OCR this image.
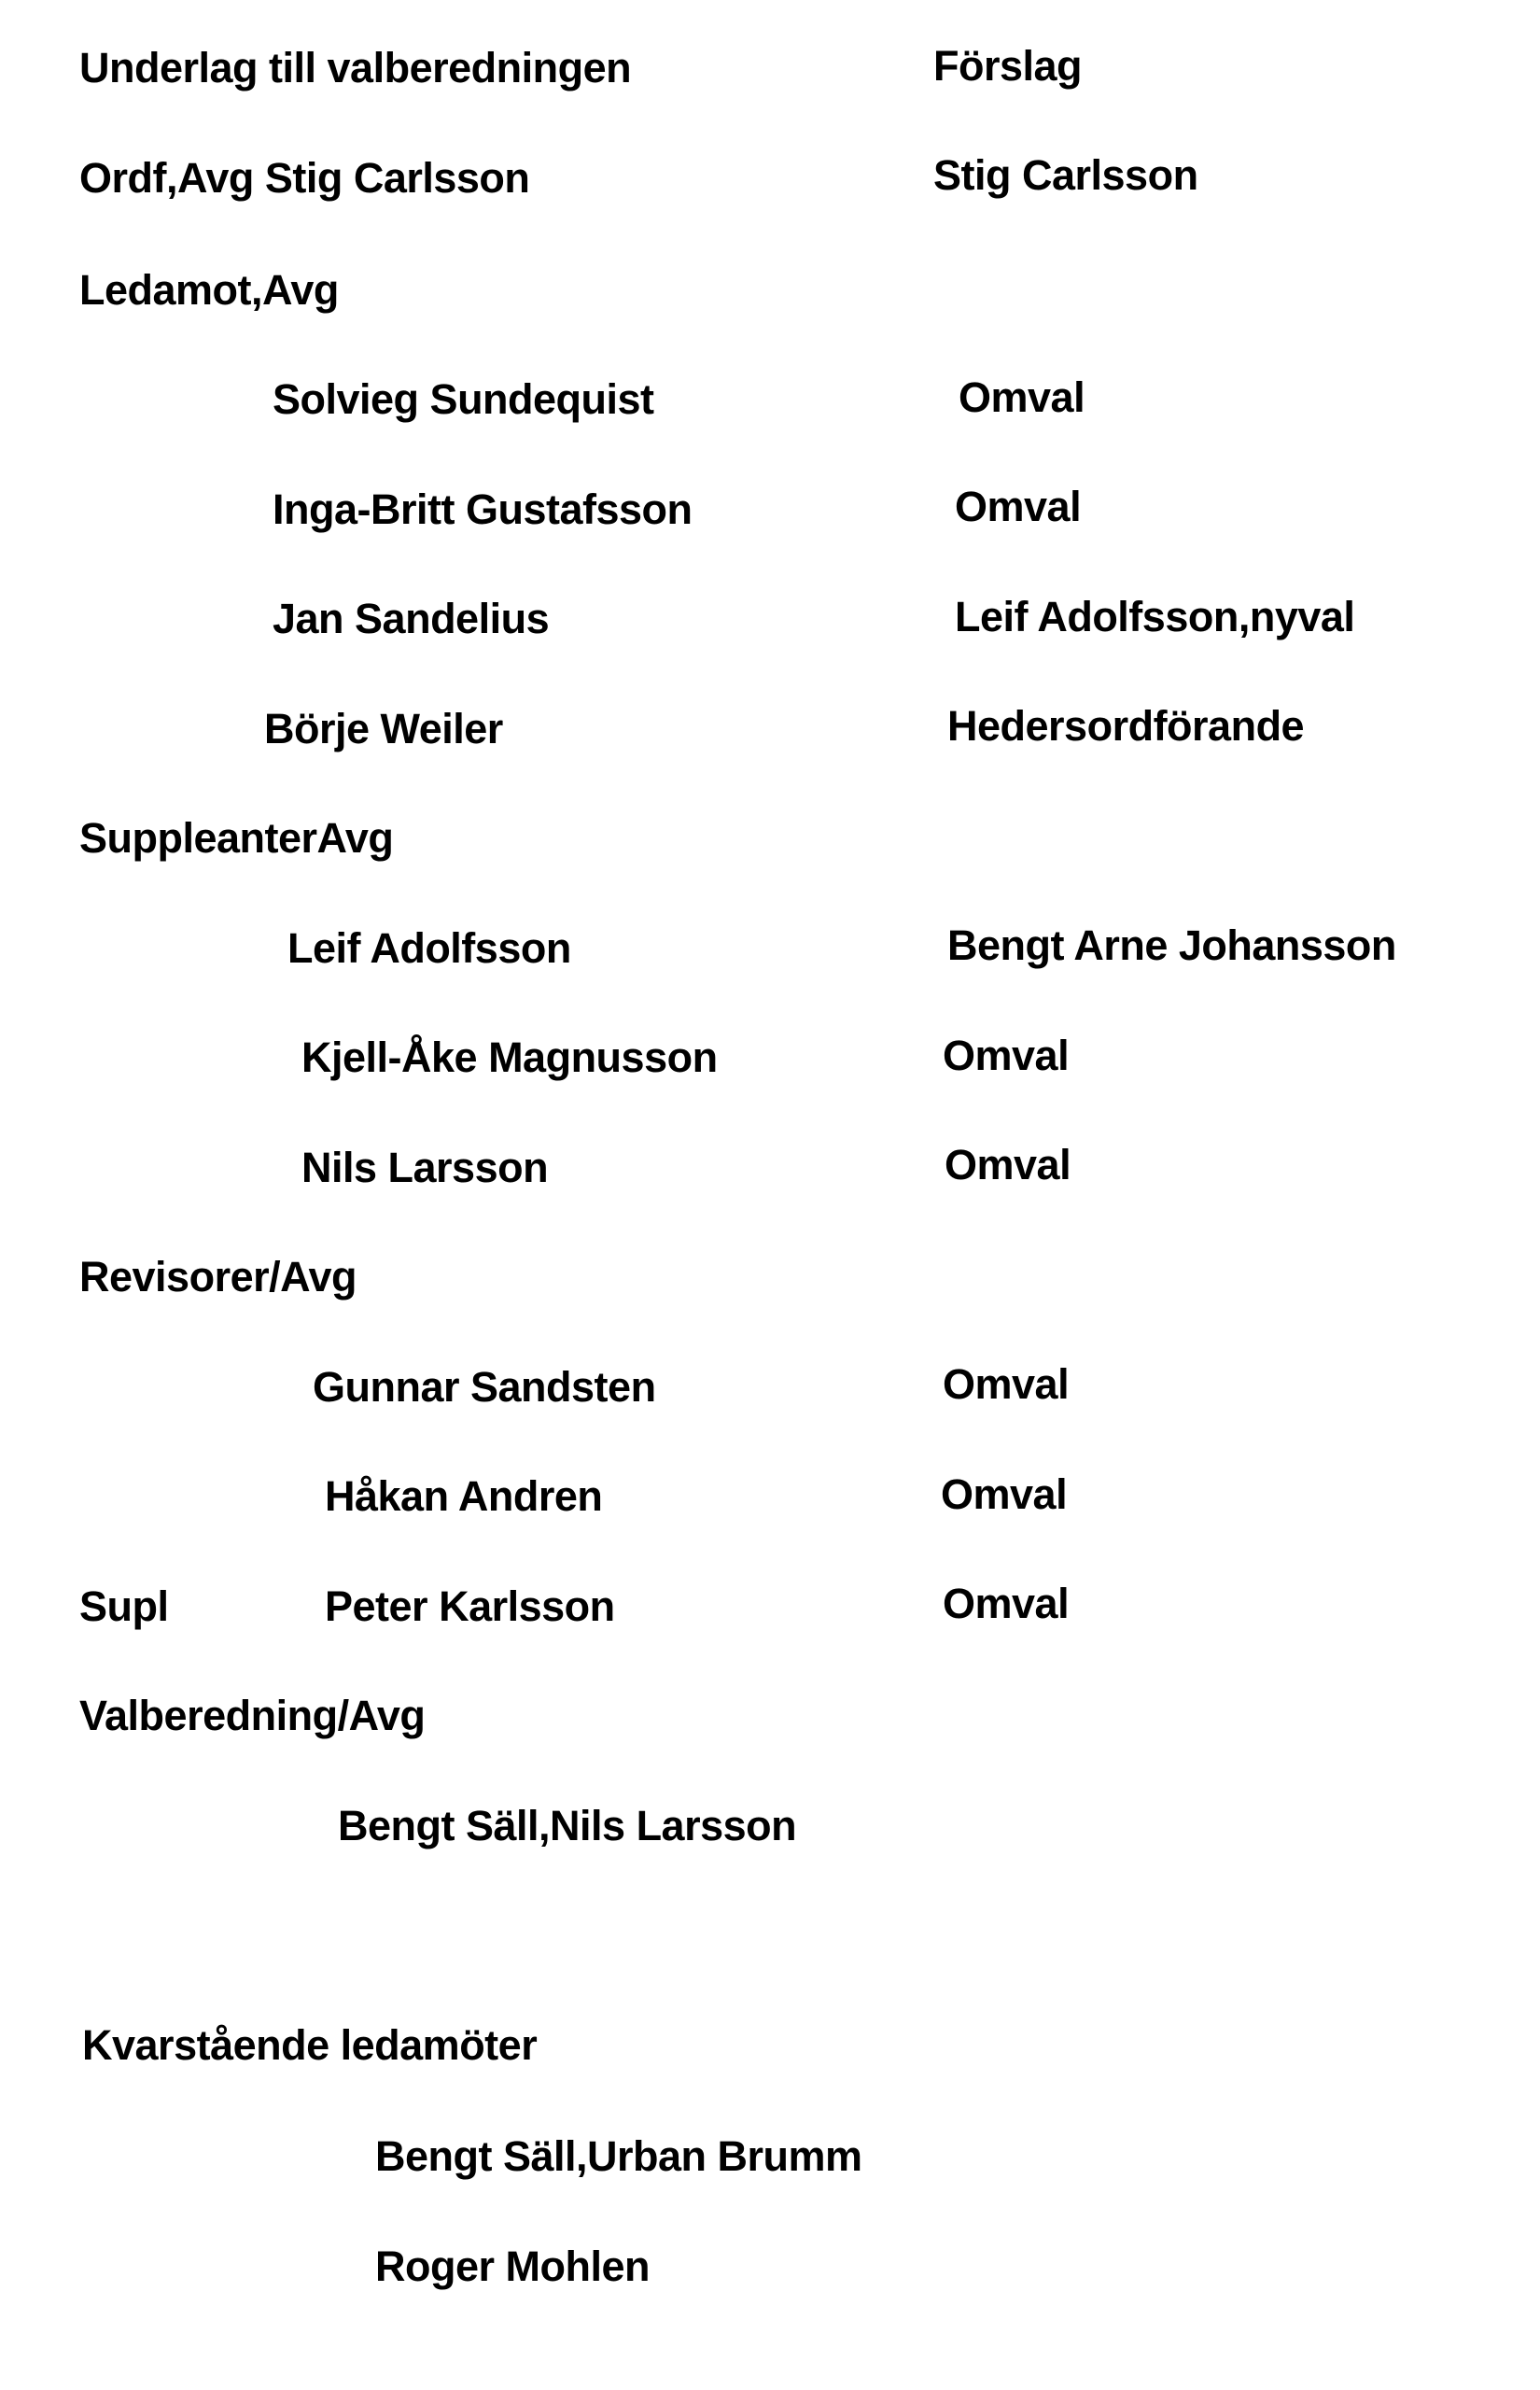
Underlag till valberedningen	Förslag
Ordf,Avg Stig Carlsson	Stig Carlsson
Ledamot,Avg
Solvieg Sundequist	Omval
Inga-Britt Gustafsson	Omval
Jan Sandelius	Leif Adolfsson,nyval
Börje Weiler	Hedersordförande
SuppleanterAvg
Leif Adolfsson	Bengt Arne Johansson
Kjell-Åke Magnusson	Omval
Nils Larsson	Omval
Revisorer/Avg
Gunnar Sandsten	Omval
Håkan Andren	Omval
Supl	Peter Karlsson	Omval
Valberedning/Avg
Bengt Säll,Nils Larsson
Kvarstående ledamöter
Bengt Säll,Urban Brumm
Roger Mohlen
